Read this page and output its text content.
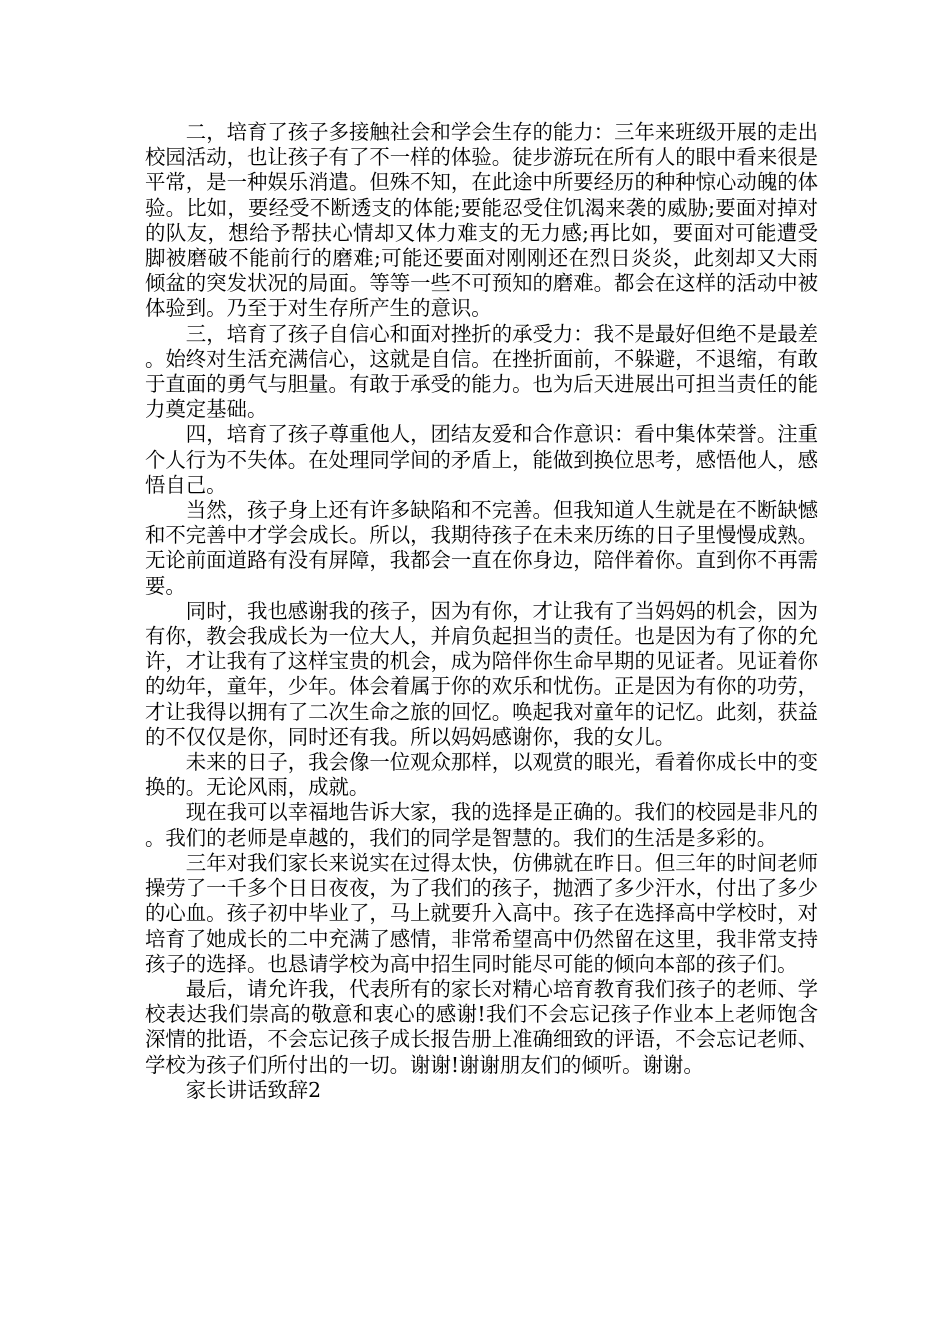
二，培育了孩子多接触社会和学会生存的能力：三年来班级开展的走出校园活动，也让孩子有了不一样的体验。徒步游玩在所有人的眼中看来很是平常，是一种娱乐消遣。但殊不知，在此途中所要经历的种种惊心动魄的体验。比如，要经受不断透支的体能;要能忍受住饥渴来袭的威胁;要面对掉对的队友，想给予帮扶心情却又体力难支的无力感;再比如，要面对可能遭受脚被磨破不能前行的磨难;可能还要面对刚刚还在烈日炎炎，此刻却又大雨倾盆的突发状况的局面。等等一些不可预知的磨难。都会在这样的活动中被体验到。乃至于对生存所产生的意识。

三，培育了孩子自信心和面对挫折的承受力：我不是最好但绝不是最差。始终对生活充满信心，这就是自信。在挫折面前，不躲避，不退缩，有敢于直面的勇气与胆量。有敢于承受的能力。也为后天进展出可担当责任的能力奠定基础。

四，培育了孩子尊重他人，团结友爱和合作意识：看中集体荣誉。注重个人行为不失体。在处理同学间的矛盾上，能做到换位思考，感悟他人，感悟自己。

当然，孩子身上还有许多缺陷和不完善。但我知道人生就是在不断缺憾和不完善中才学会成长。所以，我期待孩子在未来历练的日子里慢慢成熟。无论前面道路有没有屏障，我都会一直在你身边，陪伴着你。直到你不再需要。

同时，我也感谢我的孩子，因为有你，才让我有了当妈妈的机会，因为有你，教会我成长为一位大人，并肩负起担当的责任。也是因为有了你的允许，才让我有了这样宝贵的机会，成为陪伴你生命早期的见证者。见证着你的幼年，童年，少年。体会着属于你的欢乐和忧伤。正是因为有你的功劳，才让我得以拥有了二次生命之旅的回忆。唤起我对童年的记忆。此刻，获益的不仅仅是你，同时还有我。所以妈妈感谢你，我的女儿。

未来的日子，我会像一位观众那样，以观赏的眼光，看着你成长中的变换的。无论风雨，成就。

现在我可以幸福地告诉大家，我的选择是正确的。我们的校园是非凡的。我们的老师是卓越的，我们的同学是智慧的。我们的生活是多彩的。

三年对我们家长来说实在过得太快，仿佛就在昨日。但三年的时间老师操劳了一千多个日日夜夜，为了我们的孩子，抛洒了多少汗水，付出了多少的心血。孩子初中毕业了，马上就要升入高中。孩子在选择高中学校时，对培育了她成长的二中充满了感情，非常希望高中仍然留在这里，我非常支持孩子的选择。也恳请学校为高中招生同时能尽可能的倾向本部的孩子们。

最后，请允许我，代表所有的家长对精心培育教育我们孩子的老师、学校表达我们崇高的敬意和衷心的感谢!我们不会忘记孩子作业本上老师饱含深情的批语，不会忘记孩子成长报告册上准确细致的评语，不会忘记老师、学校为孩子们所付出的一切。谢谢!谢谢朋友们的倾听。谢谢。

家长讲话致辞2
